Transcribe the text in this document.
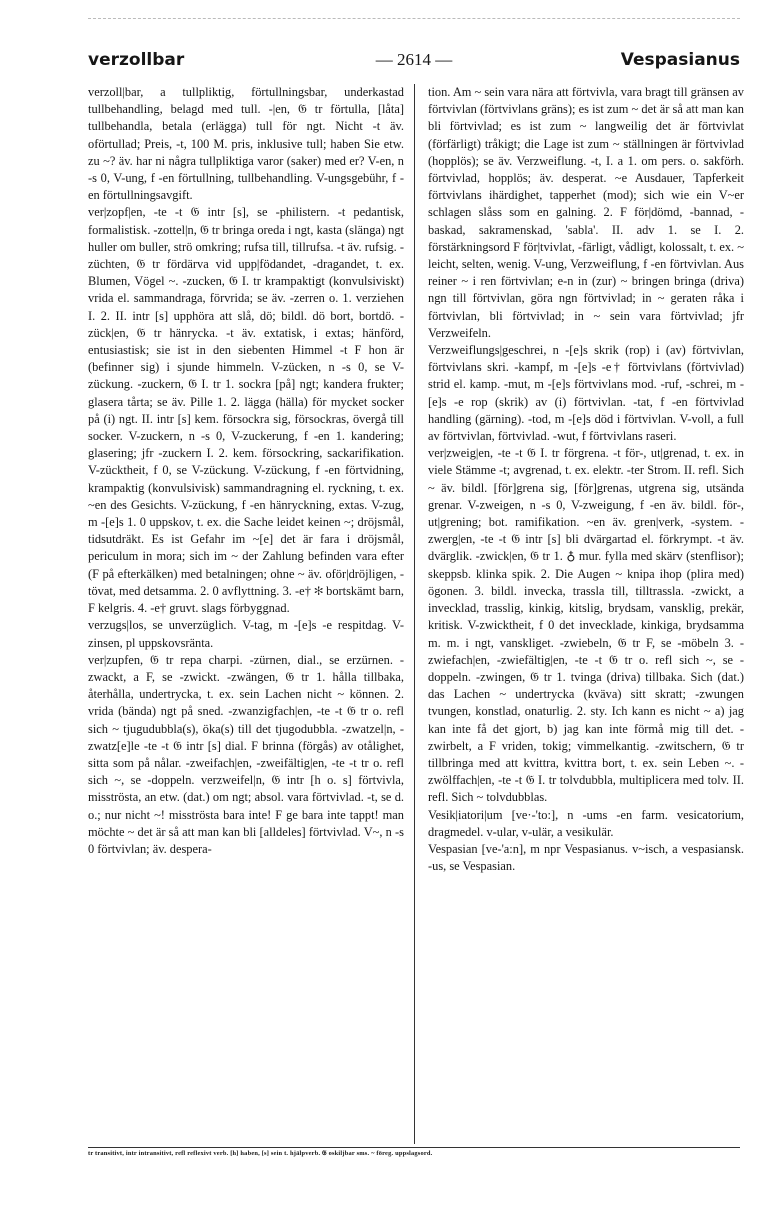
verzollbar	— 2614 —	Vespasianus

verzoll|bar, a tullpliktig, förtullningsbar, underkastad tullbehandling, belagd med tull. -|en, 𝔊 tr förtulla, [låta] tullbehandla, betala (erlägga) tull för ngt. Nicht -t äv. oförtullad; Preis, -t, 100 M. pris, inklusive tull; haben Sie etw. zu ~? äv. har ni några tullpliktiga varor (saker) med er? V-en, n -s 0, V-ung, f -en förtullning, tullbehandling. V-ungsgebühr, f -en förtullningsavgift.

ver|zopf|en, -te -t 𝔊 intr [s], se -philistern. -t pedantisk, formalistisk. -zottel|n, 𝔊 tr bringa oreda i ngt, kasta (slänga) ngt huller om buller, strö omkring; rufsa till, tillrufsa. -t äv. rufsig. -züchten, 𝔊 tr fördärva vid upp|födandet, -dragandet, t. ex. Blumen, Vögel ~. -zucken, 𝔊 I. tr krampaktigt (konvulsiviskt) vrida el. sammandraga, förvrida; se äv. -zerren o. 1. verziehen I. 2. II. intr [s] upphöra att slå, dö; bildl. dö bort, bortdö. -zück|en, 𝔊 tr hänrycka. -t äv. extatisk, i extas; hänförd, entusiastisk; sie ist in den siebenten Himmel -t F hon är (befinner sig) i sjunde himmeln. V-zücken, n -s 0, se V-zückung. -zuckern, 𝔊 I. tr 1. sockra [på] ngt; kandera frukter; glasera tårta; se äv. Pille 1. 2. lägga (hälla) för mycket socker på (i) ngt. II. intr [s] kem. försockra sig, försockras, övergå till socker. V-zuckern, n -s 0, V-zuckerung, f -en 1. kandering; glasering; jfr -zuckern I. 2. kem. försockring, sackarifikation. V-zücktheit, f 0, se V-zückung. V-zückung, f -en förtvidning, krampaktig (konvulsivisk) sammandragning el. ryckning, t. ex. ~en des Gesichts. V-zückung, f -en hänryckning, extas. V-zug, m -[e]s 1. 0 uppskov, t. ex. die Sache leidet keinen ~; dröjsmål, tidsutdräkt. Es ist Gefahr im ~[e] det är fara i dröjsmål, periculum in mora; sich im ~ der Zahlung befinden vara efter (F på efterkälken) med betalningen; ohne ~ äv. oför|dröjligen, -tövat, med detsamma. 2. 0 avflyttning. 3. -e† ✻ bortskämt barn, F kelgris. 4. -e† gruvt. slags förbyggnad.

verzugs|los, se unverzüglich. V-tag, m -[e]s -e respitdag. V-zinsen, pl uppskovsränta.

ver|zupfen, 𝔊 tr repa charpi. -zürnen, dial., se erzürnen. -zwackt, a F, se -zwickt. -zwängen, 𝔊 tr 1. hålla tillbaka, återhålla, undertrycka, t. ex. sein Lachen nicht ~ können. 2. vrida (bända) ngt på sned. -zwanzigfach|en, -te -t 𝔊 tr o. refl sich ~ tjugudubbla(s), öka(s) till det tjugodubbla. -zwatzel|n, -zwatz[e]le -te -t 𝔊 intr [s] dial. F brinna (förgås) av otålighet, sitta som på nålar. -zweifach|en, -zweifältig|en, -te -t tr o. refl sich ~, se -doppeln. verzweifel|n, 𝔊 intr [h o. s] förtvivla, misströsta, an etw. (dat.) om ngt; absol. vara förtvivlad. -t, se d. o.; nur nicht ~! misströsta bara inte! F ge bara inte tappt! man möchte ~ det är så att man kan bli [alldeles] förtvivlad. V~, n -s 0 förtvivlan; äv. despera-

tion. Am ~ sein vara nära att förtvivla, vara bragt till gränsen av förtvivlan (förtvivlans gräns); es ist zum ~ det är så att man kan bli förtvivlad; es ist zum ~ langweilig det är förtvivlat (förfärligt) tråkigt; die Lage ist zum ~ ställningen är förtvivlad (hopplös); se äv. Verzweiflung. -t, I. a 1. om pers. o. sakförh. förtvivlad, hopplös; äv. desperat. ~e Ausdauer, Tapferkeit förtvivlans ihärdighet, tapperhet (mod); sich wie ein V~er schlagen slåss som en galning. 2. F för|dömd, -bannad, -baskad, sakramenskad, 'sabla'. II. adv 1. se I. 2. förstärkningsord F för|tvivlat, -färligt, vådligt, kolossalt, t. ex. ~ leicht, selten, wenig. V-ung, Verzweiflung, f -en förtvivlan. Aus reiner ~ i ren förtvivlan; e-n in (zur) ~ bringen bringa (driva) ngn till förtvivlan, göra ngn förtvivlad; in ~ geraten råka i förtvivlan, bli förtvivlad; in ~ sein vara förtvivlad; jfr Verzweifeln.

Verzweiflungs|geschrei, n -[e]s skrik (rop) i (av) förtvivlan, förtvivlans skri. -kampf, m -[e]s -e† förtvivlans (förtvivlad) strid el. kamp. -mut, m -[e]s förtvivlans mod. -ruf, -schrei, m -[e]s -e rop (skrik) av (i) förtvivlan. -tat, f -en förtvivlad handling (gärning). -tod, m -[e]s död i förtvivlan. V-voll, a full av förtvivlan, förtvivlad. -wut, f förtvivlans raseri.

ver|zweig|en, -te -t 𝔊 I. tr förgrena. -t för-, ut|grenad, t. ex. in viele Stämme -t; avgrenad, t. ex. elektr. -ter Strom. II. refl. Sich ~ äv. bildl. [för]grena sig, [för]grenas, utgrena sig, utsända grenar. V-zweigen, n -s 0, V-zweigung, f -en äv. bildl. för-, ut|grening; bot. ramifikation. ~en äv. gren|verk, -system. -zwerg|en, -te -t 𝔊 intr [s] bli dvärgartad el. förkrympt. -t äv. dvärglik. -zwick|en, 𝔊 tr 1. ♁ mur. fylla med skärv (stenflisor); skeppsb. klinka spik. 2. Die Augen ~ knipa ihop (plira med) ögonen. 3. bildl. invecka, trassla till, tilltrassla. -zwickt, a invecklad, trasslig, kinkig, kitslig, brydsam, vansklig, prekär, kritisk. V-zwicktheit, f 0 det invecklade, kinkiga, brydsamma m. m. i ngt, vanskliget. -zwiebeln, 𝔊 tr F, se -möbeln 3. -zwiefach|en, -zwiefältig|en, -te -t 𝔊 tr o. refl sich ~, se -doppeln. -zwingen, 𝔊 tr 1. tvinga (driva) tillbaka. Sich (dat.) das Lachen ~ undertrycka (kväva) sitt skratt; -zwungen tvungen, konstlad, onaturlig. 2. sty. Ich kann es nicht ~ a) jag kan inte få det gjort, b) jag kan inte förmå mig till det. -zwirbelt, a F vriden, tokig; vimmelkantig. -zwitschern, 𝔊 tr tillbringa med att kvittra, kvittra bort, t. ex. sein Leben ~. -zwölffach|en, -te -t 𝔊 I. tr tolvdubbla, multiplicera med tolv. II. refl. Sich ~ tolvdubblas.

Vesik|iatori|um [ve·-'to:], n -ums -en farm. vesicatorium, dragmedel. v-ular, v-ulär, a vesikulär.

Vespasian [ve-'a:n], m npr Vespasianus. v~isch, a vespasiansk. -us, se Vespasian.

tr transitivt, intr intransitivt, refl reflexivt verb. [h] haben, [s] sein t. hjälpverb. 𝔊 oskiljbar sms. ~ föreg. uppslagsord.
